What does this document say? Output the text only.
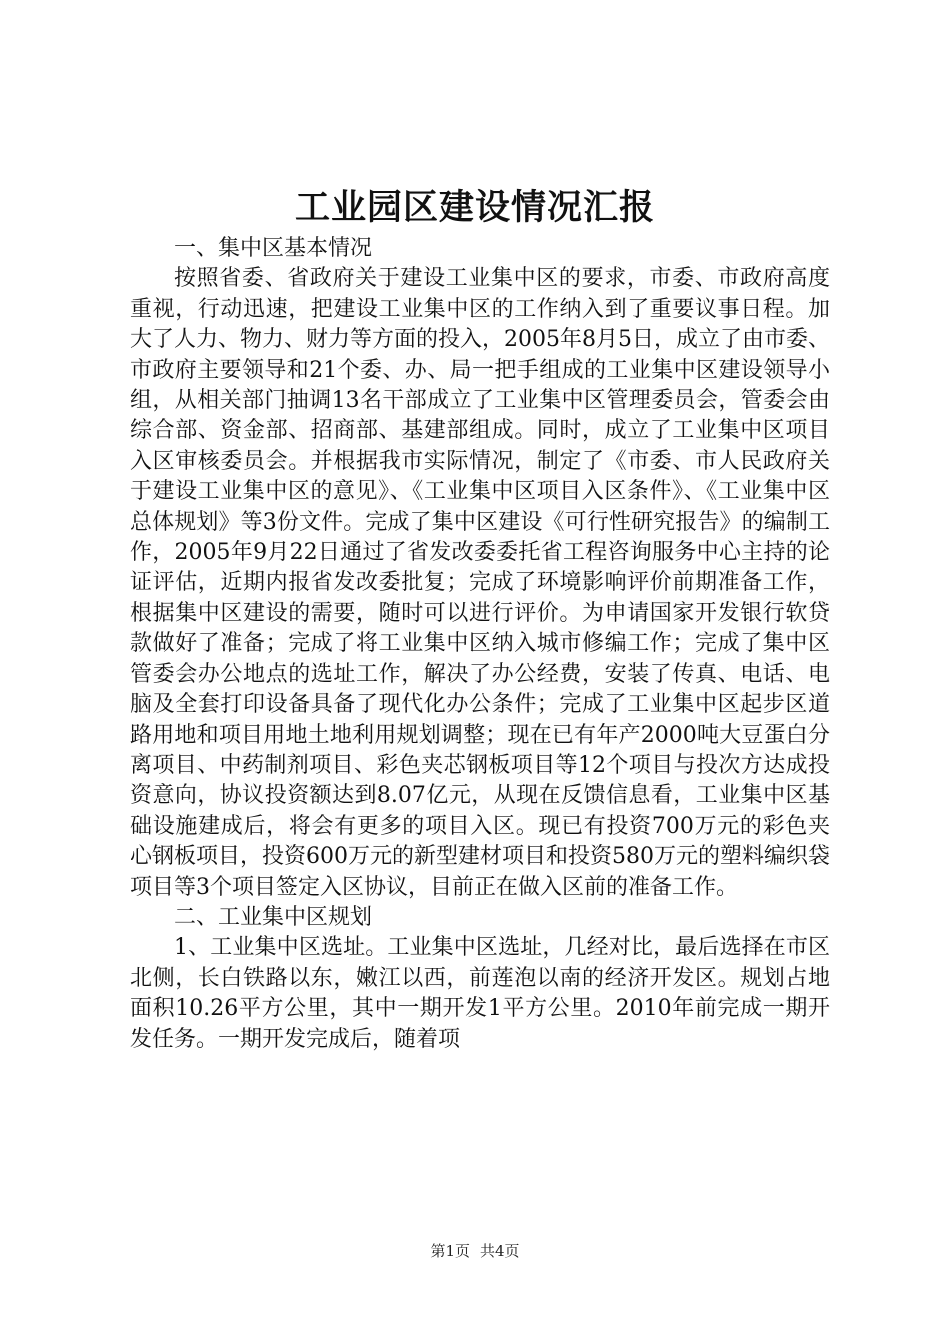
工业园区建设情况汇报

一、集中区基本情况

按照省委、省政府关于建设工业集中区的要求，市委、市政府高度重视，行动迅速，把建设工业集中区的工作纳入到了重要议事日程。加大了人力、物力、财力等方面的投入，2005年8月5日，成立了由市委、市政府主要领导和21个委、办、局一把手组成的工业集中区建设领导小组，从相关部门抽调13名干部成立了工业集中区管理委员会，管委会由综合部、资金部、招商部、基建部组成。同时，成立了工业集中区项目入区审核委员会。并根据我市实际情况，制定了《市委、市人民政府关于建设工业集中区的意见》、《工业集中区项目入区条件》、《工业集中区总体规划》等3份文件。完成了集中区建设《可行性研究报告》的编制工作，2005年9月22日通过了省发改委委托省工程咨询服务中心主持的论证评估，近期内报省发改委批复；完成了环境影响评价前期准备工作，根据集中区建设的需要，随时可以进行评价。为申请国家开发银行软贷款做好了准备；完成了将工业集中区纳入城市修编工作；完成了集中区管委会办公地点的选址工作，解决了办公经费，安装了传真、电话、电脑及全套打印设备具备了现代化办公条件；完成了工业集中区起步区道路用地和项目用地土地利用规划调整；现在已有年产2000吨大豆蛋白分离项目、中药制剂项目、彩色夹芯钢板项目等12个项目与投次方达成投资意向，协议投资额达到8.07亿元，从现在反馈信息看，工业集中区基础设施建成后，将会有更多的项目入区。现已有投资700万元的彩色夹心钢板项目，投资600万元的新型建材项目和投资580万元的塑料编织袋项目等3个项目签定入区协议，目前正在做入区前的准备工作。

二、工业集中区规划

1、工业集中区选址。工业集中区选址，几经对比，最后选择在市区北侧，长白铁路以东，嫩江以西，前莲泡以南的经济开发区。规划占地面积10.26平方公里，其中一期开发1平方公里。2010年前完成一期开发任务。一期开发完成后，随着项

第1页 共4页
